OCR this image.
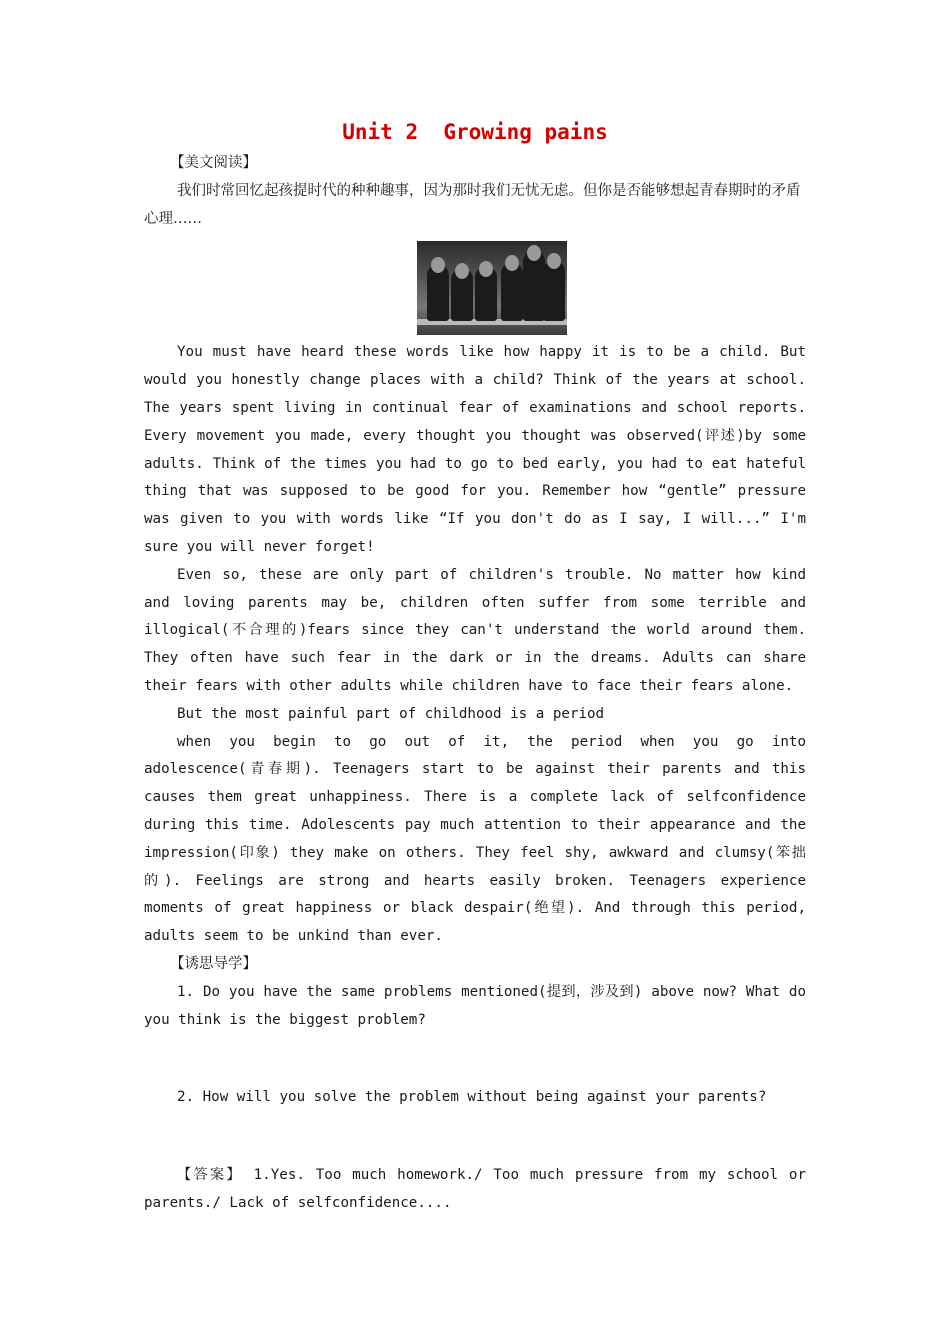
Unit 2  Growing pains

【美文阅读】

我们时常回忆起孩提时代的种种趣事，因为那时我们无忧无虑。但你是否能够想起青春期时的矛盾心理……

You must have heard these words like how happy it is to be a child. But would you honestly change places with a child? Think of the years at school. The years spent living in continual fear of examinations and school reports. Every movement you made, every thought you thought was observed(评述)by some adults. Think of the times you had to go to bed early, you had to eat hateful thing that was supposed to be good for you. Remember how “gentle” pressure was given to you with words like “If you don't do as I say, I will...” I'm sure you will never forget!

Even so, these are only part of children's trouble. No matter how kind and loving parents may be, children often suffer from some terrible and illogical(不合理的)fears since they can't understand the world around them. They often have such fear in the dark or in the dreams. Adults can share their fears with other adults while children have to face their fears alone.

But the most painful part of childhood is a period

when you begin to go out of it, the period when you go into adolescence(青春期). Teenagers start to be against their parents and this causes them great unhappiness. There is a complete lack of selfconfidence during this time. Adolescents pay much attention to their appearance and the impression(印象) they make on others. They feel shy, awkward and clumsy(笨拙的). Feelings are strong and hearts easily broken. Teenagers experience moments of great happiness or black despair(绝望). And through this period, adults seem to be unkind than ever.

【诱思导学】

1. Do you have the same problems mentioned(提到，涉及到) above now? What do you think is the biggest problem?

2. How will you solve the problem without being against your parents?

【答案】 1.Yes. Too much homework./ Too much pressure from my school or parents./ Lack of selfconfidence....
